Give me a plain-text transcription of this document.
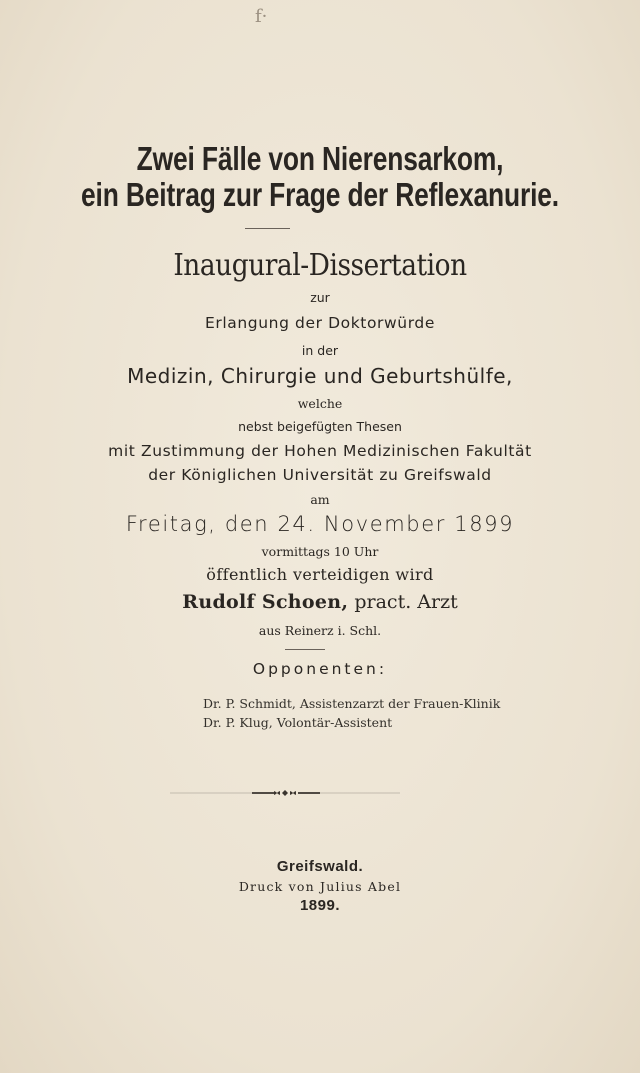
f·
Zwei Fälle von Nierensarkom,
ein Beitrag zur Frage der Reflexanurie.
Inaugural-Dissertation
zur
Erlangung der Doktorwürde
in der
Medizin, Chirurgie und Geburtshülfe,
welche
nebst beigefügten Thesen
mit Zustimmung der Hohen Medizinischen Fakultät
der Königlichen Universität zu Greifswald
am
Freitag, den 24. November 1899
vormittags 10 Uhr
öffentlich verteidigen wird
Rudolf Schoen, pract. Arzt
aus Reinerz i. Schl.
Opponenten:
Dr. P. Schmidt, Assistenzarzt der Frauen-Klinik
Dr. P. Klug, Volontär-Assistent
Greifswald.
Druck von Julius Abel
1899.
